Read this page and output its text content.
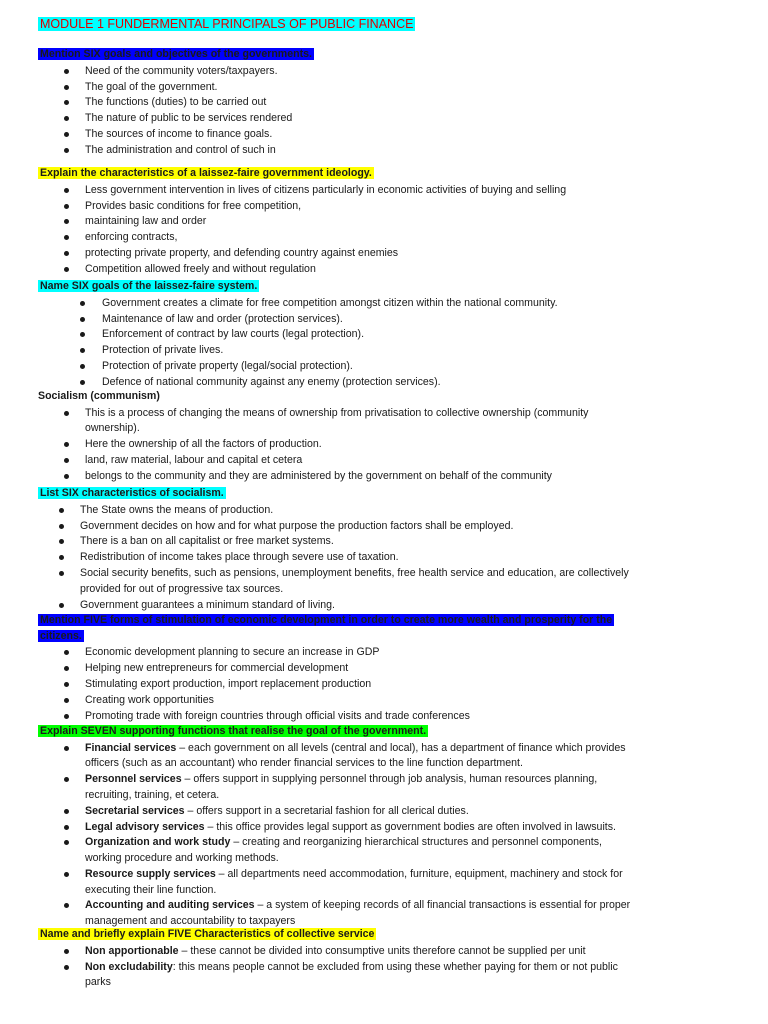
MODULE 1 FUNDERMENTAL PRINCIPALS OF PUBLIC FINANCE
Mention SIX goals and objectives of the governments.
Need of the community voters/taxpayers.
The goal of the government.
The functions (duties) to be carried out
The nature of public to be services rendered
The sources of income to finance goals.
The administration and control of such in
Explain the characteristics of a laissez-faire government ideology.
Less government intervention in lives of citizens particularly in economic activities of buying and selling
Provides basic conditions for free competition,
maintaining law and order
enforcing contracts,
protecting private property, and defending country against enemies
Competition allowed freely and without regulation
Name SIX goals of the laissez-faire system.
Government creates a climate for free competition amongst citizen within the national community.
Maintenance of law and order (protection services).
Enforcement of contract by law courts (legal protection).
Protection of private lives.
Protection of private property (legal/social protection).
Defence of national community against any enemy (protection services).
Socialism (communism)
This is a process of changing the means of ownership from privatisation to collective ownership (community
ownership).
Here the ownership of all the factors of production.
land, raw material, labour and capital et cetera
belongs to the community and they are administered by the government on behalf of the community
List SIX characteristics of socialism.
The State owns the means of production.
Government decides on how and for what purpose the production factors shall be employed.
There is a ban on all capitalist or free market systems.
Redistribution of income takes place through severe use of taxation.
Social security benefits, such as pensions, unemployment benefits, free health service and education, are collectively
provided for out of progressive tax sources.
Government guarantees a minimum standard of living.
Mention FIVE forms of stimulation of economic development in order to create more wealth and prosperity for the
citizens.
Economic development planning to secure an increase in GDP
Helping new entrepreneurs for commercial development
Stimulating export production, import replacement production
Creating work opportunities
Promoting trade with foreign countries through official visits and trade conferences
Explain SEVEN supporting functions that realise the goal of the government.
Financial services – each government on all levels (central and local), has a department of finance which provides
officers (such as an accountant) who render financial services to the line function department.
Personnel services – offers support in supplying personnel through job analysis, human resources planning,
recruiting, training, et cetera.
Secretarial services – offers support in a secretarial fashion for all clerical duties.
Legal advisory services – this office provides legal support as government bodies are often involved in lawsuits.
Organization and work study – creating and reorganizing hierarchical structures and personnel components,
working procedure and working methods.
Resource supply services – all departments need accommodation, furniture, equipment, machinery and stock for
executing their line function.
Accounting and auditing services – a system of keeping records of all financial transactions is essential for proper
management and accountability to taxpayers
Name and briefly explain FIVE Characteristics of collective service
Non apportionable – these cannot be divided into consumptive units therefore cannot be supplied per unit
Non excludability: this means people cannot be excluded from using these whether paying for them or not public
parks
